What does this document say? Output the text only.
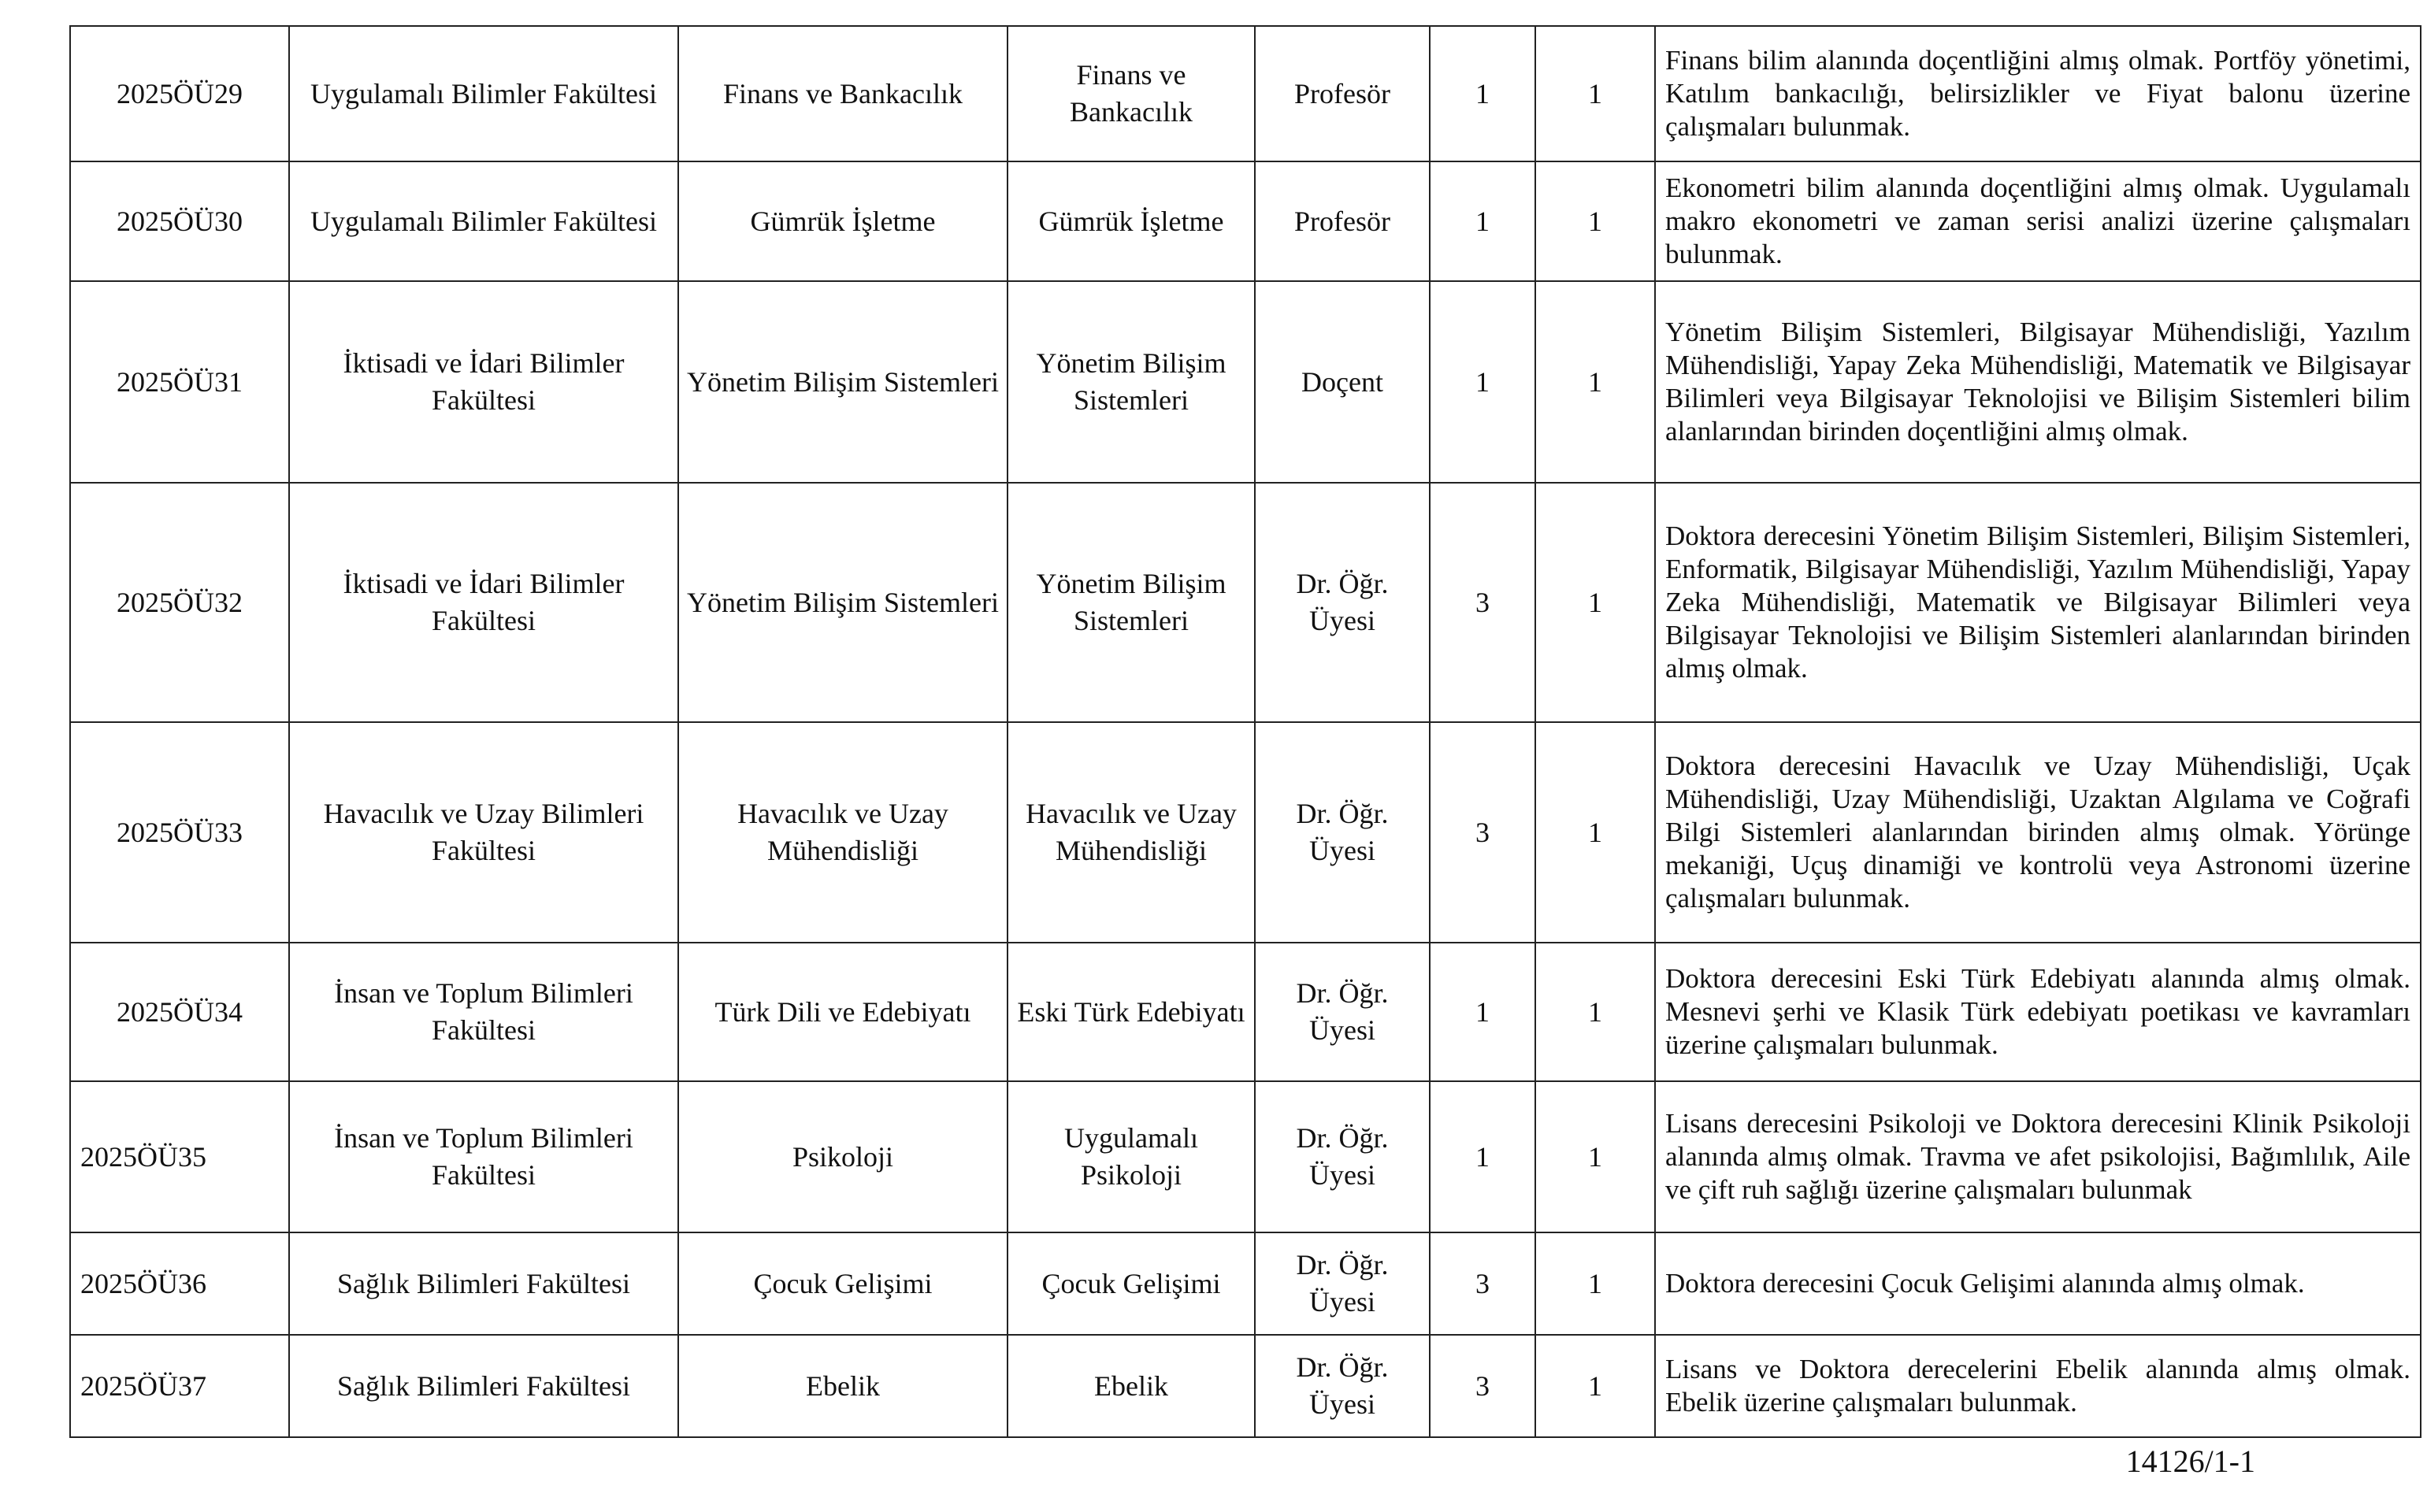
2025ÖÜ29	Uygulamalı Bilimler Fakültesi	Finans ve Bankacılık	Finans ve Bankacılık	Profesör	1	1	Finans bilim alanında doçentliğini almış olmak. Portföy yönetimi, Katılım bankacılığı, belirsizlikler ve Fiyat balonu üzerine çalışmaları bulunmak.
2025ÖÜ30	Uygulamalı Bilimler Fakültesi	Gümrük İşletme	Gümrük İşletme	Profesör	1	1	Ekonometri bilim alanında doçentliğini almış olmak. Uygulamalı makro ekonometri ve zaman serisi analizi üzerine çalışmaları bulunmak.
2025ÖÜ31	İktisadi ve İdari Bilimler Fakültesi	Yönetim Bilişim Sistemleri	Yönetim Bilişim Sistemleri	Doçent	1	1	Yönetim Bilişim Sistemleri, Bilgisayar Mühendisliği, Yazılım Mühendisliği, Yapay Zeka Mühendisliği, Matematik ve Bilgisayar Bilimleri veya Bilgisayar Teknolojisi ve Bilişim Sistemleri bilim alanlarından birinden doçentliğini almış olmak.
2025ÖÜ32	İktisadi ve İdari Bilimler Fakültesi	Yönetim Bilişim Sistemleri	Yönetim Bilişim Sistemleri	Dr. Öğr. Üyesi	3	1	Doktora derecesini Yönetim Bilişim Sistemleri, Bilişim Sistemleri, Enformatik, Bilgisayar Mühendisliği, Yazılım Mühendisliği, Yapay Zeka Mühendisliği, Matematik ve Bilgisayar Bilimleri veya Bilgisayar Teknolojisi ve Bilişim Sistemleri alanlarından birinden almış olmak.
2025ÖÜ33	Havacılık ve Uzay Bilimleri Fakültesi	Havacılık ve Uzay Mühendisliği	Havacılık ve Uzay Mühendisliği	Dr. Öğr. Üyesi	3	1	Doktora derecesini Havacılık ve Uzay Mühendisliği, Uçak Mühendisliği, Uzay Mühendisliği, Uzaktan Algılama ve Coğrafi Bilgi Sistemleri alanlarından birinden almış olmak. Yörünge mekaniği, Uçuş dinamiği ve kontrolü veya Astronomi üzerine çalışmaları bulunmak.
2025ÖÜ34	İnsan ve Toplum Bilimleri Fakültesi	Türk Dili ve Edebiyatı	Eski Türk Edebiyatı	Dr. Öğr. Üyesi	1	1	Doktora derecesini Eski Türk Edebiyatı alanında almış olmak. Mesnevi şerhi ve Klasik Türk edebiyatı poetikası ve kavramları üzerine çalışmaları bulunmak.
2025ÖÜ35	İnsan ve Toplum Bilimleri Fakültesi	Psikoloji	Uygulamalı Psikoloji	Dr. Öğr. Üyesi	1	1	Lisans derecesini Psikoloji ve Doktora derecesini Klinik Psikoloji alanında almış olmak. Travma ve afet psikolojisi, Bağımlılık, Aile ve çift ruh sağlığı üzerine çalışmaları bulunmak
2025ÖÜ36	Sağlık Bilimleri Fakültesi	Çocuk Gelişimi	Çocuk Gelişimi	Dr. Öğr. Üyesi	3	1	Doktora derecesini Çocuk Gelişimi alanında almış olmak.
2025ÖÜ37	Sağlık Bilimleri Fakültesi	Ebelik	Ebelik	Dr. Öğr. Üyesi	3	1	Lisans ve Doktora derecelerini Ebelik alanında almış olmak. Ebelik üzerine çalışmaları bulunmak.
14126/1-1
